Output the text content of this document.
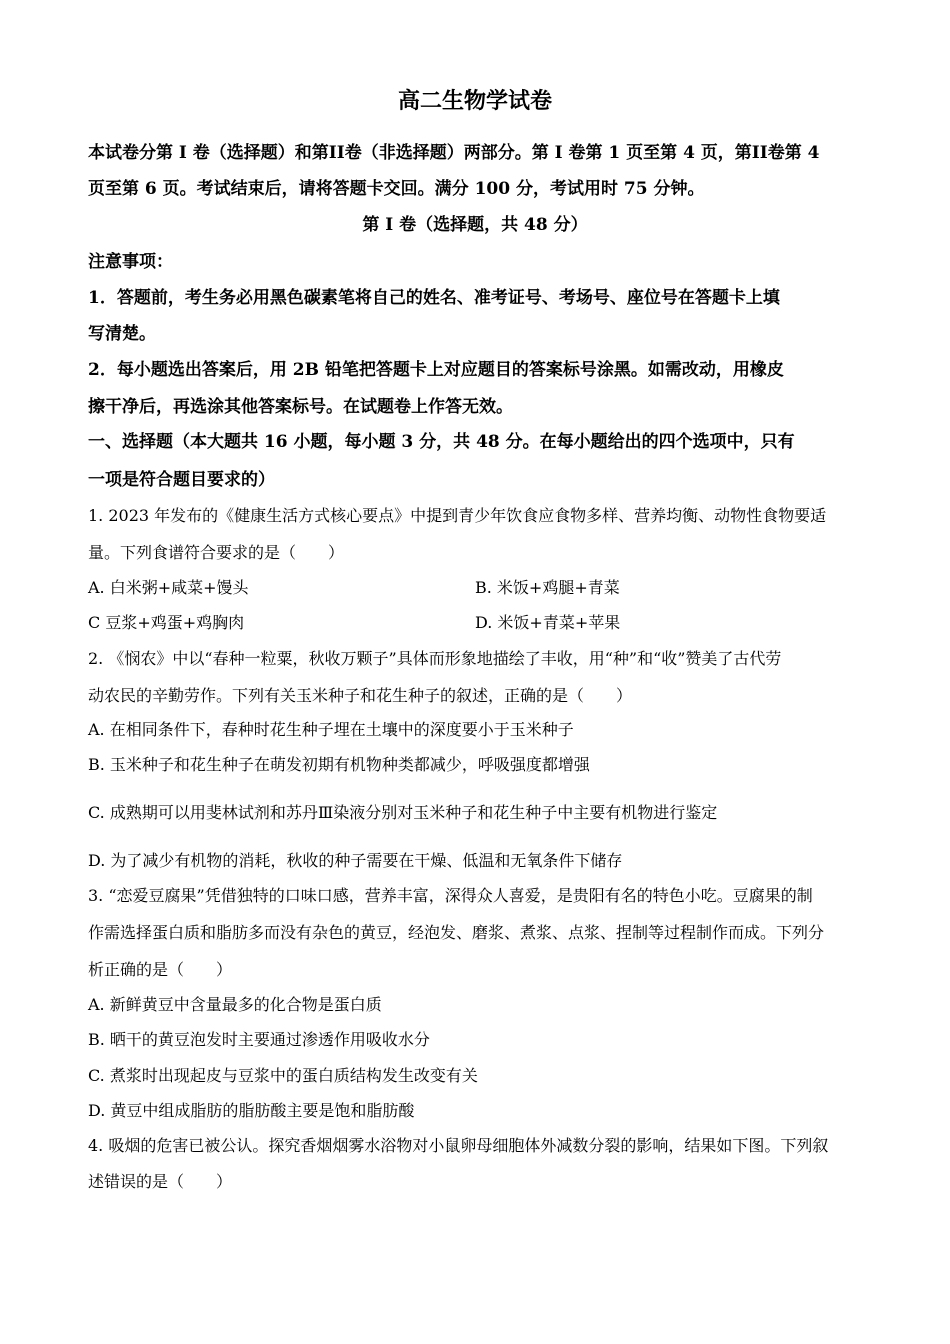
高二生物学试卷
本试卷分第 I 卷（选择题）和第II卷（非选择题）两部分。第 I 卷第 1 页至第 4 页，第II卷第 4
页至第 6 页。考试结束后，请将答题卡交回。满分 100 分，考试用时 75 分钟。
第 I 卷（选择题，共 48 分）
注意事项：
1．答题前，考生务必用黑色碳素笔将自己的姓名、准考证号、考场号、座位号在答题卡上填
写清楚。
2．每小题选出答案后，用 2B 铅笔把答题卡上对应题目的答案标号涂黑。如需改动，用橡皮
擦干净后，再选涂其他答案标号。在试题卷上作答无效。
一、选择题（本大题共 16 小题，每小题 3 分，共 48 分。在每小题给出的四个选项中，只有
一项是符合题目要求的）
1. 2023 年发布的《健康生活方式核心要点》中提到青少年饮食应食物多样、营养均衡、动物性食物要适
量。下列食谱符合要求的是（　　）
A. 白米粥+咸菜+馒头	B. 米饭+鸡腿+青菜
C 豆浆+鸡蛋+鸡胸肉	D. 米饭+青菜+苹果
2. 《悯农》中以“春种一粒粟，秋收万颗子”具体而形象地描绘了丰收，用“种”和“收”赞美了古代劳
动农民的辛勤劳作。下列有关玉米种子和花生种子的叙述，正确的是（　　）
A. 在相同条件下，春种时花生种子埋在土壤中的深度要小于玉米种子
B. 玉米种子和花生种子在萌发初期有机物种类都减少，呼吸强度都增强
C. 成熟期可以用斐林试剂和苏丹Ⅲ染液分别对玉米种子和花生种子中主要有机物进行鉴定
D. 为了减少有机物的消耗，秋收的种子需要在干燥、低温和无氧条件下储存
3. “恋爱豆腐果”凭借独特的口味口感，营养丰富，深得众人喜爱，是贵阳有名的特色小吃。豆腐果的制
作需选择蛋白质和脂肪多而没有杂色的黄豆，经泡发、磨浆、煮浆、点浆、捏制等过程制作而成。下列分
析正确的是（　　）
A. 新鲜黄豆中含量最多的化合物是蛋白质
B. 晒干的黄豆泡发时主要通过渗透作用吸收水分
C. 煮浆时出现起皮与豆浆中的蛋白质结构发生改变有关
D. 黄豆中组成脂肪的脂肪酸主要是饱和脂肪酸
4. 吸烟的危害已被公认。探究香烟烟雾水浴物对小鼠卵母细胞体外减数分裂的影响，结果如下图。下列叙
述错误的是（　　）
